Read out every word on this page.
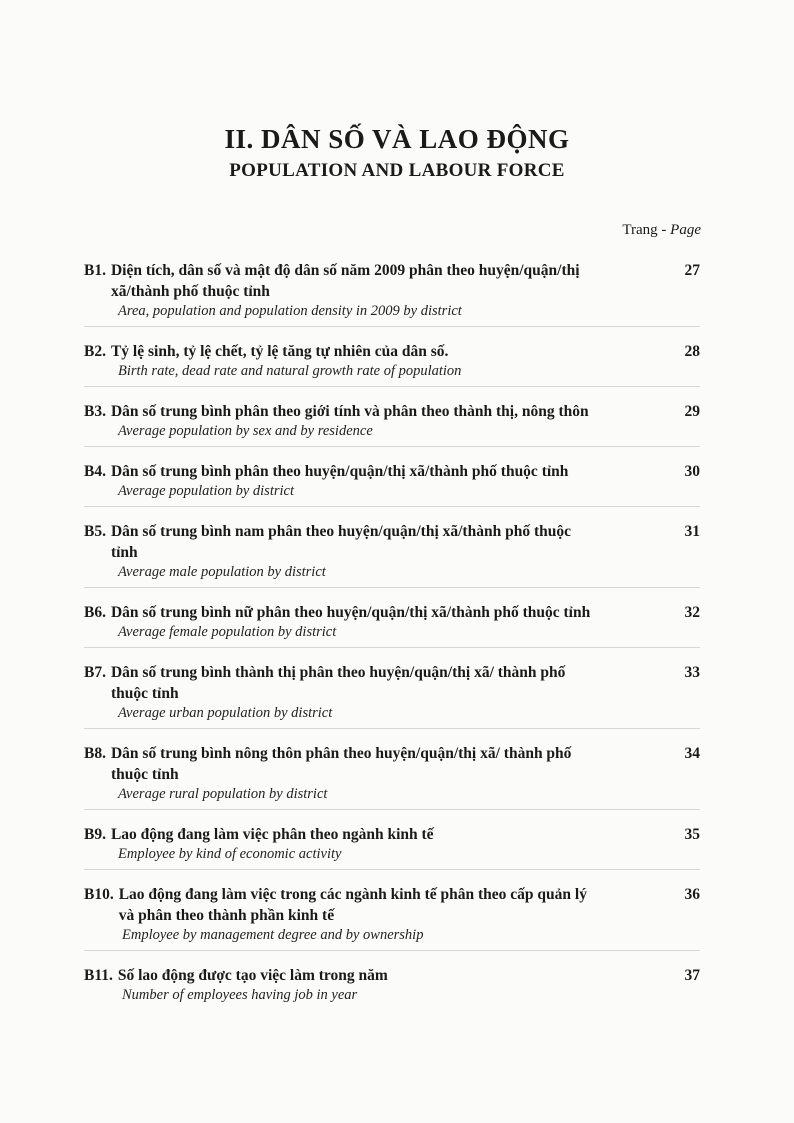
II. DÂN SỐ VÀ LAO ĐỘNG
POPULATION AND LABOUR FORCE
Trang - Page
B1. Diện tích, dân số và mật độ dân số năm 2009 phân theo huyện/quận/thị xã/thành phố thuộc tỉnh
Area, population and population density in 2009 by district
27
B2. Tỷ lệ sinh, tỷ lệ chết, tỷ lệ tăng tự nhiên của dân số.
Birth rate, dead rate and natural growth rate of population
28
B3. Dân số trung bình phân theo giới tính và phân theo thành thị, nông thôn
Average population by sex and by residence
29
B4. Dân số trung bình phân theo huyện/quận/thị xã/thành phố thuộc tỉnh
Average population by district
30
B5. Dân số trung bình nam phân theo huyện/quận/thị xã/thành phố thuộc tỉnh
Average male population by district
31
B6. Dân số trung bình nữ phân theo huyện/quận/thị xã/thành phố thuộc tỉnh
Average female population by district
32
B7. Dân số trung bình thành thị phân theo huyện/quận/thị xã/ thành phố thuộc tỉnh
Average urban population by district
33
B8. Dân số trung bình nông thôn phân theo huyện/quận/thị xã/ thành phố thuộc tỉnh
Average rural population by district
34
B9. Lao động đang làm việc phân theo ngành kinh tế
Employee by kind of economic activity
35
B10. Lao động đang làm việc trong các ngành kinh tế phân theo cấp quản lý và phân theo thành phần kinh tế
Employee by management degree and by ownership
36
B11. Số lao động được tạo việc làm trong năm
Number of employees having job in year
37
